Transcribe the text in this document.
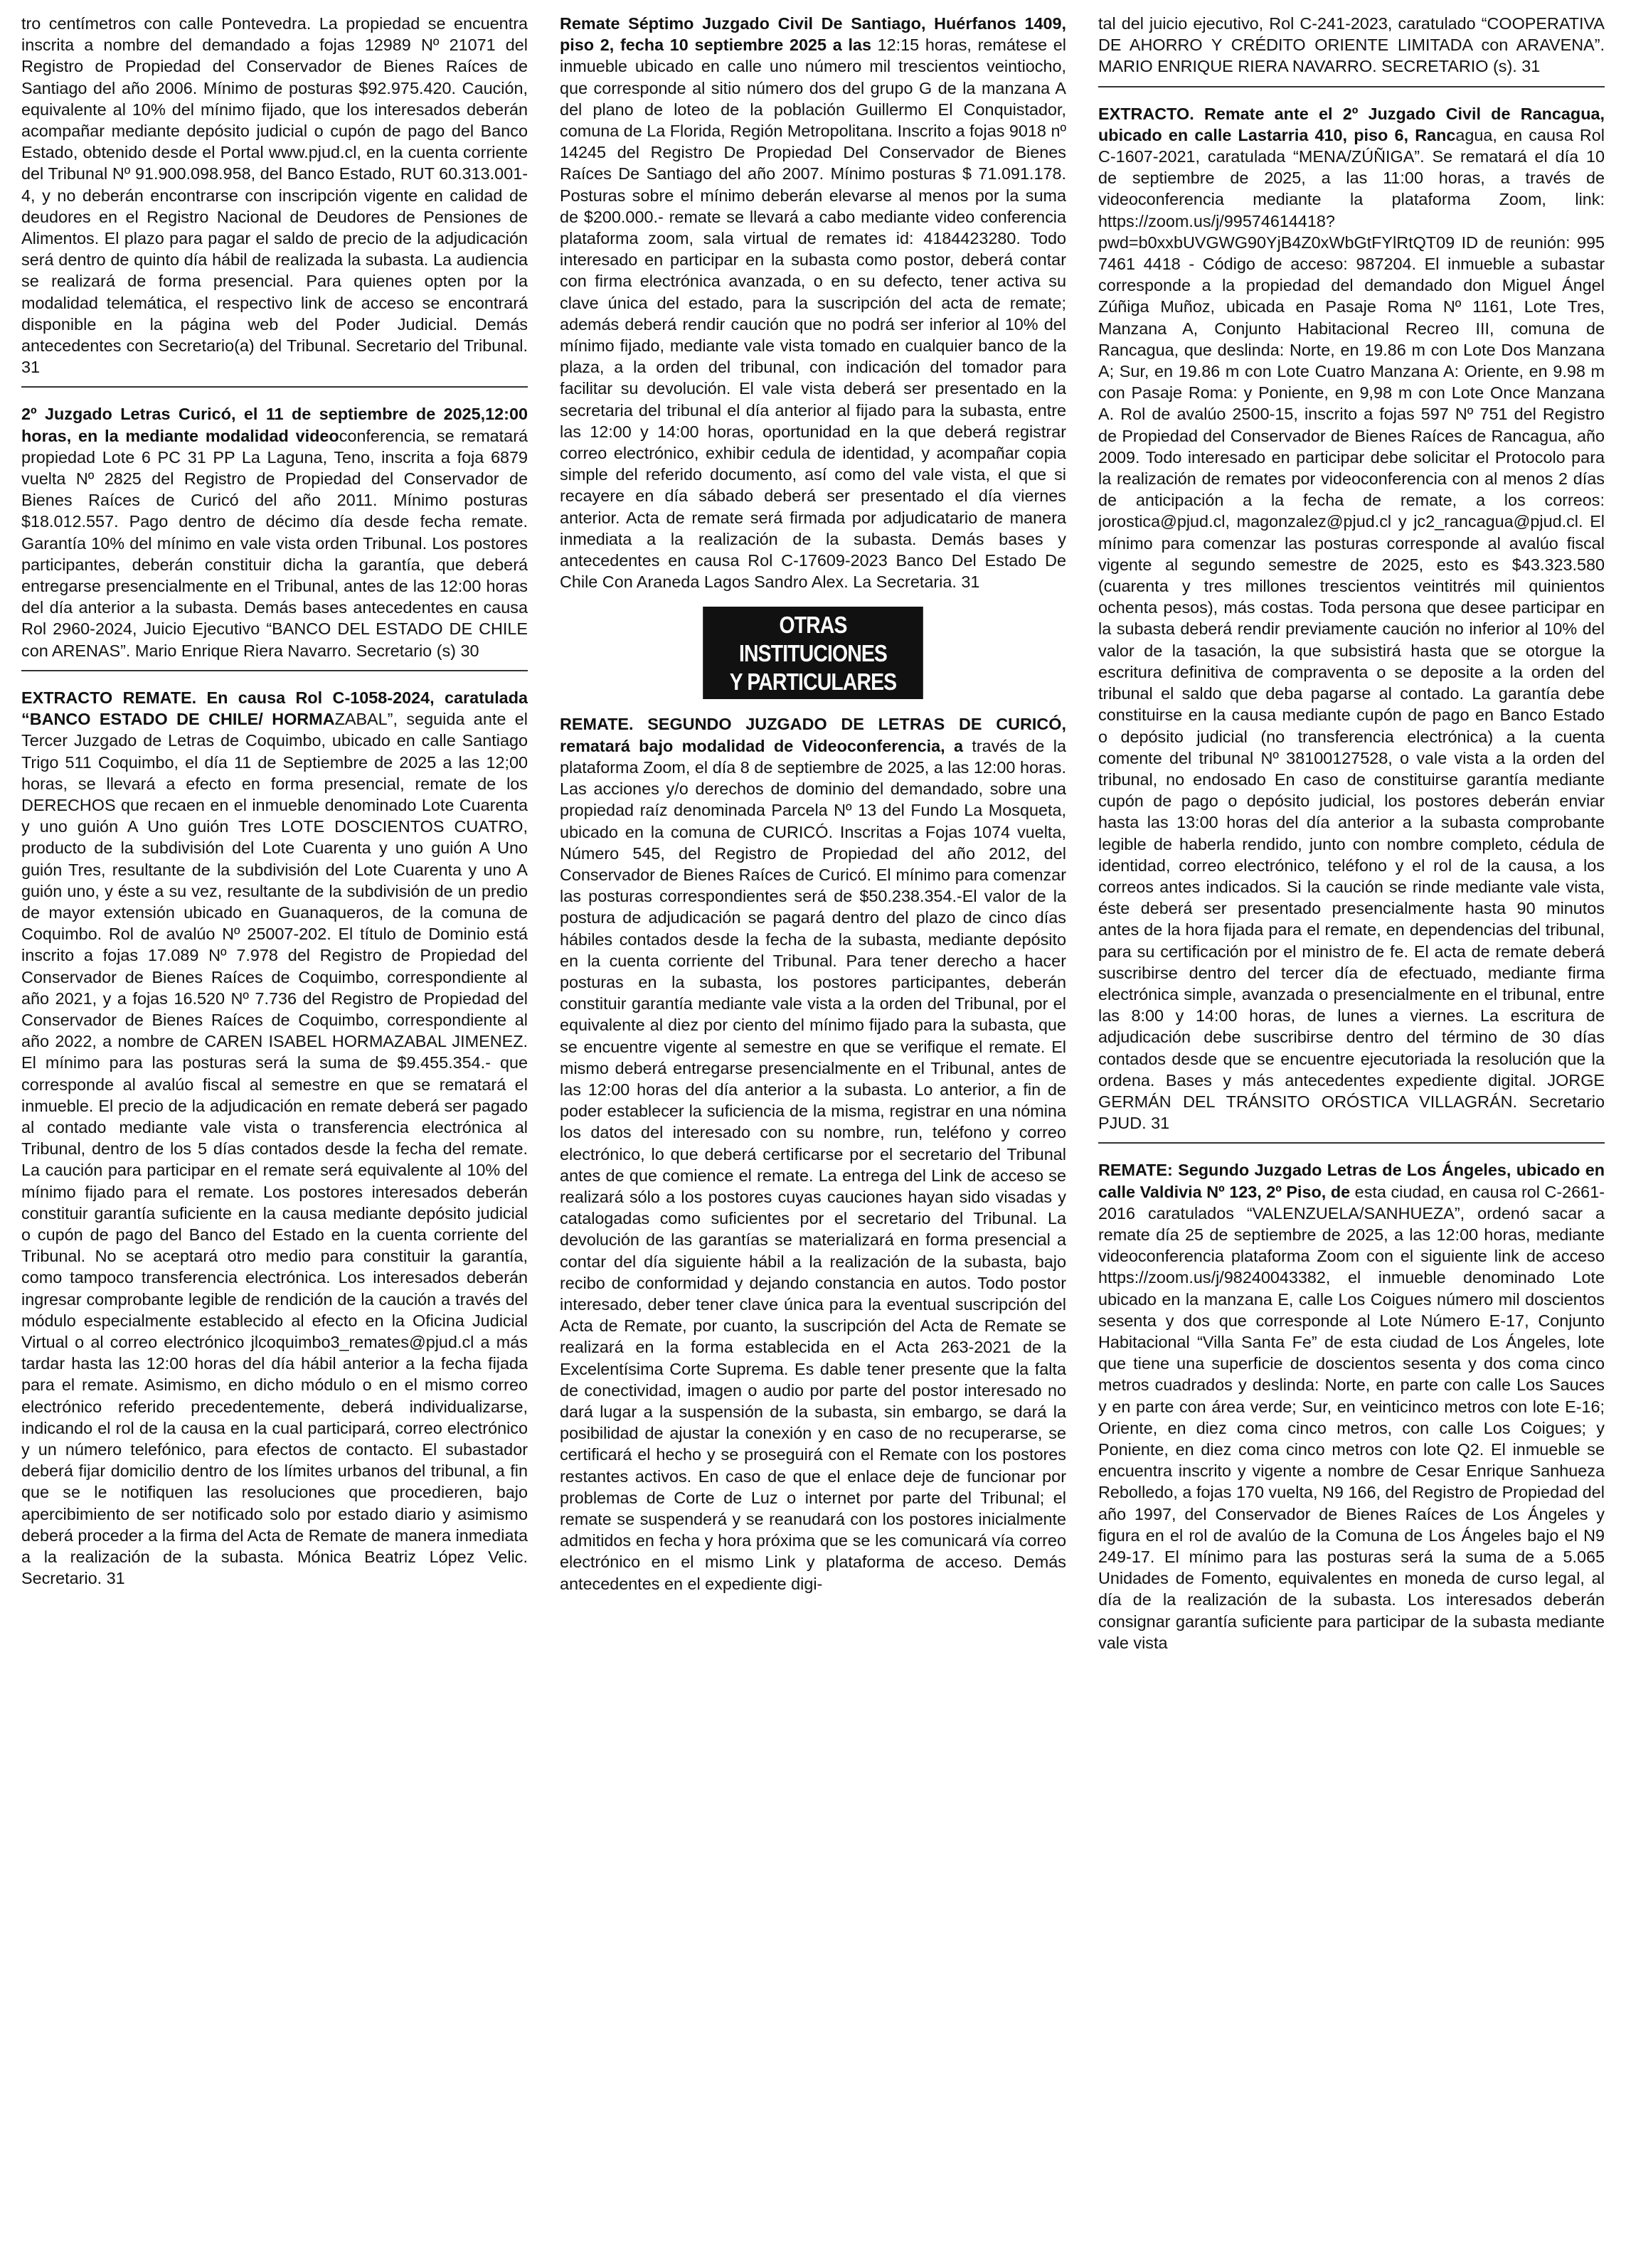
tro centímetros con calle Pontevedra. La propiedad se encuentra inscrita a nombre del demandado a fojas 12989 Nº 21071 del Registro de Propiedad del Conservador de Bienes Raíces de Santiago del año 2006. Mínimo de posturas $92.975.420. Caución, equivalente al 10% del mínimo fijado, que los interesados deberán acompañar mediante depósito judicial o cupón de pago del Banco Estado, obtenido desde el Portal www.pjud.cl, en la cuenta corriente del Tribunal Nº 91.900.098.958, del Banco Estado, RUT 60.313.001-4, y no deberán encontrarse con inscripción vigente en calidad de deudores en el Registro Nacional de Deudores de Pensiones de Alimentos. El plazo para pagar el saldo de precio de la adjudicación será dentro de quinto día hábil de realizada la subasta. La audiencia se realizará de forma presencial. Para quienes opten por la modalidad telemática, el respectivo link de acceso se encontrará disponible en la página web del Poder Judicial. Demás antecedentes con Secretario(a) del Tribunal. Secretario del Tribunal. 31

2º Juzgado Letras Curicó, el 11 de septiembre de 2025,12:00 horas, en la mediante modalidad videoconferencia, se rematará propiedad Lote 6 PC 31 PP La Laguna, Teno, inscrita a foja 6879 vuelta Nº 2825 del Registro de Propiedad del Conservador de Bienes Raíces de Curicó del año 2011. Mínimo posturas $18.012.557. Pago dentro de décimo día desde fecha remate. Garantía 10% del mínimo en vale vista orden Tribunal. Los postores participantes, deberán constituir dicha la garantía, que deberá entregarse presencialmente en el Tribunal, antes de las 12:00 horas del día anterior a la subasta. Demás bases antecedentes en causa Rol 2960-2024, Juicio Ejecutivo “BANCO DEL ESTADO DE CHILE con ARENAS”. Mario Enrique Riera Navarro. Secretario (s) 30

EXTRACTO REMATE. En causa Rol C-1058-2024, caratulada “BANCO ESTADO DE CHILE/ HORMAZABAL”, seguida ante el Tercer Juzgado de Letras de Coquimbo, ubicado en calle Santiago Trigo 511 Coquimbo, el día 11 de Septiembre de 2025 a las 12;00 horas, se llevará a efecto en forma presencial, remate de los DERECHOS que recaen en el inmueble denominado Lote Cuarenta y uno guión A Uno guión Tres LOTE DOSCIENTOS CUATRO, producto de la subdivisión del Lote Cuarenta y uno guión A Uno guión Tres, resultante de la subdivisión del Lote Cuarenta y uno A guión uno, y éste a su vez, resultante de la subdivisión de un predio de mayor extensión ubicado en Guanaqueros, de la comuna de Coquimbo. Rol de avalúo Nº 25007-202. El título de Dominio está inscrito a fojas 17.089 Nº 7.978 del Registro de Propiedad del Conservador de Bienes Raíces de Coquimbo, correspondiente al año 2021, y a fojas 16.520 Nº 7.736 del Registro de Propiedad del Conservador de Bienes Raíces de Coquimbo, correspondiente al año 2022, a nombre de CAREN ISABEL HORMAZABAL JIMENEZ. El mínimo para las posturas será la suma de $9.455.354.- que corresponde al avalúo fiscal al semestre en que se rematará el inmueble. El precio de la adjudicación en remate deberá ser pagado al contado mediante vale vista o transferencia electrónica al Tribunal, dentro de los 5 días contados desde la fecha del remate. La caución para participar en el remate será equivalente al 10% del mínimo fijado para el remate. Los postores interesados deberán constituir garantía suficiente en la causa mediante depósito judicial o cupón de pago del Banco del Estado en la cuenta corriente del Tribunal. No se aceptará otro medio para constituir la garantía, como tampoco transferencia electrónica. Los interesados deberán ingresar comprobante legible de rendición de la caución a través del módulo especialmente establecido al efecto en la Oficina Judicial Virtual o al correo electrónico jlcoquimbo3_remates@pjud.cl a más tardar hasta las 12:00 horas del día hábil anterior a la fecha fijada para el remate. Asimismo, en dicho módulo o en el mismo correo electrónico referido precedentemente, deberá individualizarse, indicando el rol de la causa en la cual participará, correo electrónico y un número telefónico, para efectos de contacto. El subastador deberá fijar domicilio dentro de los límites urbanos del tribunal, a fin que se le notifiquen las resoluciones que procedieren, bajo apercibimiento de ser notificado solo por estado diario y asimismo deberá proceder a la firma del Acta de Remate de manera inmediata a la realización de la subasta. Mónica Beatriz López Velic. Secretario. 31

Remate Séptimo Juzgado Civil De Santiago, Huérfanos 1409, piso 2, fecha 10 septiembre 2025 a las 12:15 horas, remátese el inmueble ubicado en calle uno número mil trescientos veintiocho, que corresponde al sitio número dos del grupo G de la manzana A del plano de loteo de la población Guillermo El Conquistador, comuna de La Florida, Región Metropolitana. Inscrito a fojas 9018 nº 14245 del Registro De Propiedad Del Conservador de Bienes Raíces De Santiago del año 2007. Mínimo posturas $ 71.091.178. Posturas sobre el mínimo deberán elevarse al menos por la suma de $200.000.- remate se llevará a cabo mediante video conferencia plataforma zoom, sala virtual de remates id: 4184423280. Todo interesado en participar en la subasta como postor, deberá contar con firma electrónica avanzada, o en su defecto, tener activa su clave única del estado, para la suscripción del acta de remate; además deberá rendir caución que no podrá ser inferior al 10% del mínimo fijado, mediante vale vista tomado en cualquier banco de la plaza, a la orden del tribunal, con indicación del tomador para facilitar su devolución. El vale vista deberá ser presentado en la secretaria del tribunal el día anterior al fijado para la subasta, entre las 12:00 y 14:00 horas, oportunidad en la que deberá registrar correo electrónico, exhibir cedula de identidad, y acompañar copia simple del referido documento, así como del vale vista, el que si recayere en día sábado deberá ser presentado el día viernes anterior. Acta de remate será firmada por adjudicatario de manera inmediata a la realización de la subasta. Demás bases y antecedentes en causa Rol C-17609-2023 Banco Del Estado De Chile Con Araneda Lagos Sandro Alex. La Secretaria. 31

OTRAS INSTITUCIONES
Y PARTICULARES

REMATE. SEGUNDO JUZGADO DE LETRAS DE CURICÓ, rematará bajo modalidad de Videoconferencia, a través de la plataforma Zoom, el día 8 de septiembre de 2025, a las 12:00 horas. Las acciones y/o derechos de dominio del demandado, sobre una propiedad raíz denominada Parcela Nº 13 del Fundo La Mosqueta, ubicado en la comuna de CURICÓ. Inscritas a Fojas 1074 vuelta, Número 545, del Registro de Propiedad del año 2012, del Conservador de Bienes Raíces de Curicó. El mínimo para comenzar las posturas correspondientes será de $50.238.354.-El valor de la postura de adjudicación se pagará dentro del plazo de cinco días hábiles contados desde la fecha de la subasta, mediante depósito en la cuenta corriente del Tribunal. Para tener derecho a hacer posturas en la subasta, los postores participantes, deberán constituir garantía mediante vale vista a la orden del Tribunal, por el equivalente al diez por ciento del mínimo fijado para la subasta, que se encuentre vigente al semestre en que se verifique el remate. El mismo deberá entregarse presencialmente en el Tribunal, antes de las 12:00 horas del día anterior a la subasta. Lo anterior, a fin de poder establecer la suficiencia de la misma, registrar en una nómina los datos del interesado con su nombre, run, teléfono y correo electrónico, lo que deberá certificarse por el secretario del Tribunal antes de que comience el remate. La entrega del Link de acceso se realizará sólo a los postores cuyas cauciones hayan sido visadas y catalogadas como suficientes por el secretario del Tribunal. La devolución de las garantías se materializará en forma presencial a contar del día siguiente hábil a la realización de la subasta, bajo recibo de conformidad y dejando constancia en autos. Todo postor interesado, deber tener clave única para la eventual suscripción del Acta de Remate, por cuanto, la suscripción del Acta de Remate se realizará en la forma establecida en el Acta 263-2021 de la Excelentísima Corte Suprema. Es dable tener presente que la falta de conectividad, imagen o audio por parte del postor interesado no dará lugar a la suspensión de la subasta, sin embargo, se dará la posibilidad de ajustar la conexión y en caso de no recuperarse, se certificará el hecho y se proseguirá con el Remate con los postores restantes activos. En caso de que el enlace deje de funcionar por problemas de Corte de Luz o internet por parte del Tribunal; el remate se suspenderá y se reanudará con los postores inicialmente admitidos en fecha y hora próxima que se les comunicará vía correo electrónico en el mismo Link y plataforma de acceso. Demás antecedentes en el expediente digi-

tal del juicio ejecutivo, Rol C-241-2023, caratulado “COOPERATIVA DE AHORRO Y CRÉDITO ORIENTE LIMITADA con ARAVENA”. MARIO ENRIQUE RIERA NAVARRO. SECRETARIO (s). 31

EXTRACTO. Remate ante el 2º Juzgado Civil de Rancagua, ubicado en calle Lastarria 410, piso 6, Rancagua, en causa Rol C-1607-2021, caratulada “MENA/ZÚÑIGA”. Se rematará el día 10 de septiembre de 2025, a las 11:00 horas, a través de videoconferencia mediante la plataforma Zoom, link: https://zoom.us/j/99574614418?pwd=b0xxbUVGWG90YjB4Z0xWbGtFYlRtQT09 ID de reunión: 995 7461 4418 - Código de acceso: 987204. El inmueble a subastar corresponde a la propiedad del demandado don Miguel Ángel Zúñiga Muñoz, ubicada en Pasaje Roma Nº 1161, Lote Tres, Manzana A, Conjunto Habitacional Recreo III, comuna de Rancagua, que deslinda: Norte, en 19.86 m con Lote Dos Manzana A; Sur, en 19.86 m con Lote Cuatro Manzana A: Oriente, en 9.98 m con Pasaje Roma: y Poniente, en 9,98 m con Lote Once Manzana A. Rol de avalúo 2500-15, inscrito a fojas 597 Nº 751 del Registro de Propiedad del Conservador de Bienes Raíces de Rancagua, año 2009. Todo interesado en participar debe solicitar el Protocolo para la realización de remates por videoconferencia con al menos 2 días de anticipación a la fecha de remate, a los correos: jorostica@pjud.cl, magonzalez@pjud.cl y jc2_rancagua@pjud.cl. El mínimo para comenzar las posturas corresponde al avalúo fiscal vigente al segundo semestre de 2025, esto es $43.323.580 (cuarenta y tres millones trescientos veintitrés mil quinientos ochenta pesos), más costas. Toda persona que desee participar en la subasta deberá rendir previamente caución no inferior al 10% del valor de la tasación, la que subsistirá hasta que se otorgue la escritura definitiva de compraventa o se deposite a la orden del tribunal el saldo que deba pagarse al contado. La garantía debe constituirse en la causa mediante cupón de pago en Banco Estado o depósito judicial (no transferencia electrónica) a la cuenta comente del tribunal Nº 38100127528, o vale vista a la orden del tribunal, no endosado En caso de constituirse garantía mediante cupón de pago o depósito judicial, los postores deberán enviar hasta las 13:00 horas del día anterior a la subasta comprobante legible de haberla rendido, junto con nombre completo, cédula de identidad, correo electrónico, teléfono y el rol de la causa, a los correos antes indicados. Si la caución se rinde mediante vale vista, éste deberá ser presentado presencialmente hasta 90 minutos antes de la hora fijada para el remate, en dependencias del tribunal, para su certificación por el ministro de fe. El acta de remate deberá suscribirse dentro del tercer día de efectuado, mediante firma electrónica simple, avanzada o presencialmente en el tribunal, entre las 8:00 y 14:00 horas, de lunes a viernes. La escritura de adjudicación debe suscribirse dentro del término de 30 días contados desde que se encuentre ejecutoriada la resolución que la ordena. Bases y más antecedentes expediente digital. JORGE GERMÁN DEL TRÁNSITO ORÓSTICA VILLAGRÁN. Secretario PJUD. 31

REMATE: Segundo Juzgado Letras de Los Ángeles, ubicado en calle Valdivia Nº 123, 2º Piso, de esta ciudad, en causa rol C-2661-2016 caratulados “VALENZUELA/SANHUEZA”, ordenó sacar a remate día 25 de septiembre de 2025, a las 12:00 horas, mediante videoconferencia plataforma Zoom con el siguiente link de acceso https://zoom.us/j/98240043382, el inmueble denominado Lote ubicado en la manzana E, calle Los Coigues número mil doscientos sesenta y dos que corresponde al Lote Número E-17, Conjunto Habitacional “Villa Santa Fe” de esta ciudad de Los Ángeles, lote que tiene una superficie de doscientos sesenta y dos coma cinco metros cuadrados y deslinda: Norte, en parte con calle Los Sauces y en parte con área verde; Sur, en veinticinco metros con lote E-16; Oriente, en diez coma cinco metros, con calle Los Coigues; y Poniente, en diez coma cinco metros con lote Q2. El inmueble se encuentra inscrito y vigente a nombre de Cesar Enrique Sanhueza Rebolledo, a fojas 170 vuelta, N9 166, del Registro de Propiedad del año 1997, del Conservador de Bienes Raíces de Los Ángeles y figura en el rol de avalúo de la Comuna de Los Ángeles bajo el N9 249-17. El mínimo para las posturas será la suma de a 5.065 Unidades de Fomento, equivalentes en moneda de curso legal, al día de la realización de la subasta. Los interesados deberán consignar garantía suficiente para participar de la subasta mediante vale vista
